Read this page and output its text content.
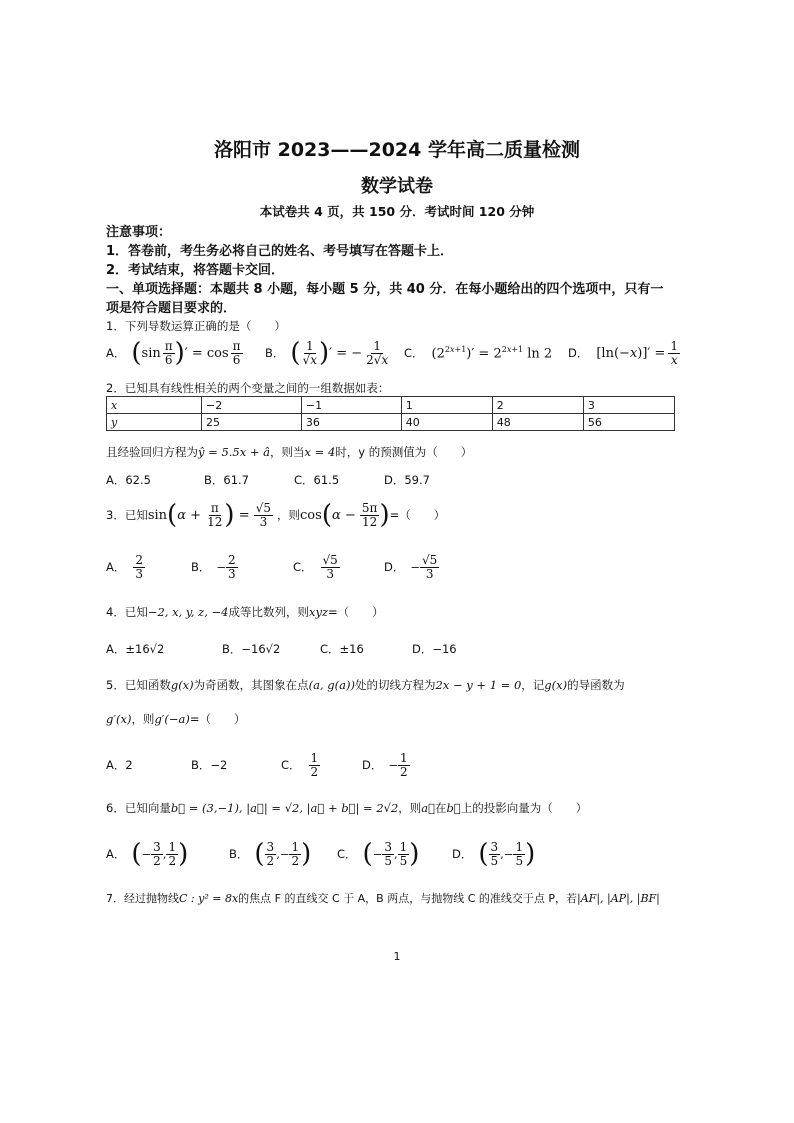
洛阳市 2023——2024 学年高二质量检测
数学试卷
本试卷共 4 页，共 150 分．考试时间 120 分钟
注意事项：
1．答卷前，考生务必将自己的姓名、考号填写在答题卡上．
2．考试结束，将答题卡交回．
一、单项选择题：本题共 8 小题，每小题 5 分，共 40 分．在每小题给出的四个选项中，只有一
项是符合题目要求的．
1．下列导数运算正确的是（　　）
A． ( $\sin \frac{\pi}{6}$ ) ′ = $\cos \frac{\pi}{6}$ B． ( $\frac{1}{√x}$ ) ′ = − $\frac{1}{2√x}$ C． $(2^{2x+1})' = 2^{2x+1}$ ln 2 D． $[\ln(-x)]' = \frac{1}{x}$
2．已知具有线性相关的两个变量之间的一组数据如表：
x	−2	−1	1	2	3
y	25	36	40	48	56
且经验回归方程为ŷ = 5.5x + â，则当x = 4时，y 的预测值为（　　）
A．62.5	B．61.7	C．61.5	D．59.7
3．已知 sin ( $\alpha + \frac{\pi}{12}$ ) = $\frac{√5}{3}$ ，则 cos ( $\alpha - \frac{5\pi}{12}$ ) =（　　）
A． $\frac{2}{3}$	B． − $\frac{2}{3}$	C． $\frac{√5}{3}$	D． − $\frac{√5}{3}$
4．已知−2, x, y, z, −4成等比数列，则xyz=（　　）
A．±16√2	B．−16√2	C．±16	D．−16
5．已知函数g(x)为奇函数，其图象在点(a, g(a))处的切线方程为2x − y + 1 = 0，记g(x)的导函数为
g′(x)，则g′(−a)=（　　）
A．2	B．−2	C． $\frac{1}{2}$	D． − $\frac{1}{2}$
6．已知向量b⃗ = (3,−1), |a⃗| = √2, |a⃗ + b⃗| = 2√2，则a⃗在b⃗上的投影向量为（　　）
A． ( − $\frac{3}{2}$ , $\frac{1}{2}$ )	B． ( $\frac{3}{2}$ ,− $\frac{1}{2}$ ) C． ( − $\frac{3}{5}$ , $\frac{1}{5}$ )	D． ( $\frac{3}{5}$ ,− $\frac{1}{5}$ )
7．经过抛物线C : y² = 8x的焦点 F 的直线交 C 于 A，B 两点，与抛物线 C 的准线交于点 P，若|AF|, |AP|, |BF|
1
